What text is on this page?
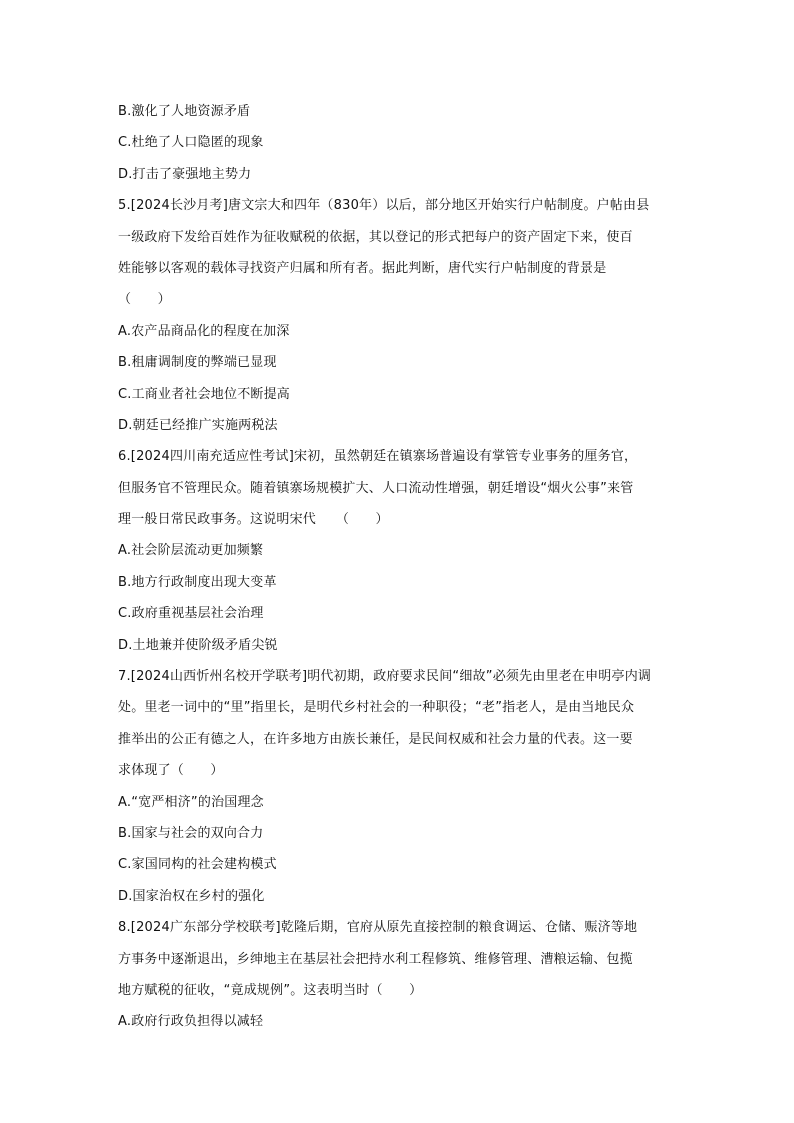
B.激化了人地资源矛盾
C.杜绝了人口隐匿的现象
D.打击了豪强地主势力
5.[2024长沙月考]唐文宗大和四年（830年）以后，部分地区开始实行户帖制度。户帖由县
一级政府下发给百姓作为征收赋税的依据，其以登记的形式把每户的资产固定下来，使百
姓能够以客观的载体寻找资产归属和所有者。据此判断，唐代实行户帖制度的背景是
（　　）
A.农产品商品化的程度在加深
B.租庸调制度的弊端已显现
C.工商业者社会地位不断提高
D.朝廷已经推广实施两税法
6.[2024四川南充适应性考试]宋初，虽然朝廷在镇寨场普遍设有掌管专业事务的厘务官，
但服务官不管理民众。随着镇寨场规模扩大、人口流动性增强，朝廷增设“烟火公事”来管
理一般日常民政事务。这说明宋代　　（　　）
A.社会阶层流动更加频繁
B.地方行政制度出现大变革
C.政府重视基层社会治理
D.土地兼并使阶级矛盾尖锐
7.[2024山西忻州名校开学联考]明代初期，政府要求民间“细故”必须先由里老在申明亭内调
处。里老一词中的“里”指里长，是明代乡村社会的一种职役；“老”指老人，是由当地民众
推举出的公正有德之人，在许多地方由族长兼任，是民间权威和社会力量的代表。这一要
求体现了（　　）
A.“宽严相济”的治国理念
B.国家与社会的双向合力
C.家国同构的社会建构模式
D.国家治权在乡村的强化
8.[2024广东部分学校联考]乾隆后期，官府从原先直接控制的粮食调运、仓储、赈济等地
方事务中逐渐退出，乡绅地主在基层社会把持水利工程修筑、维修管理、漕粮运输、包揽
地方赋税的征收，“竟成规例”。这表明当时（　　）
A.政府行政负担得以减轻
